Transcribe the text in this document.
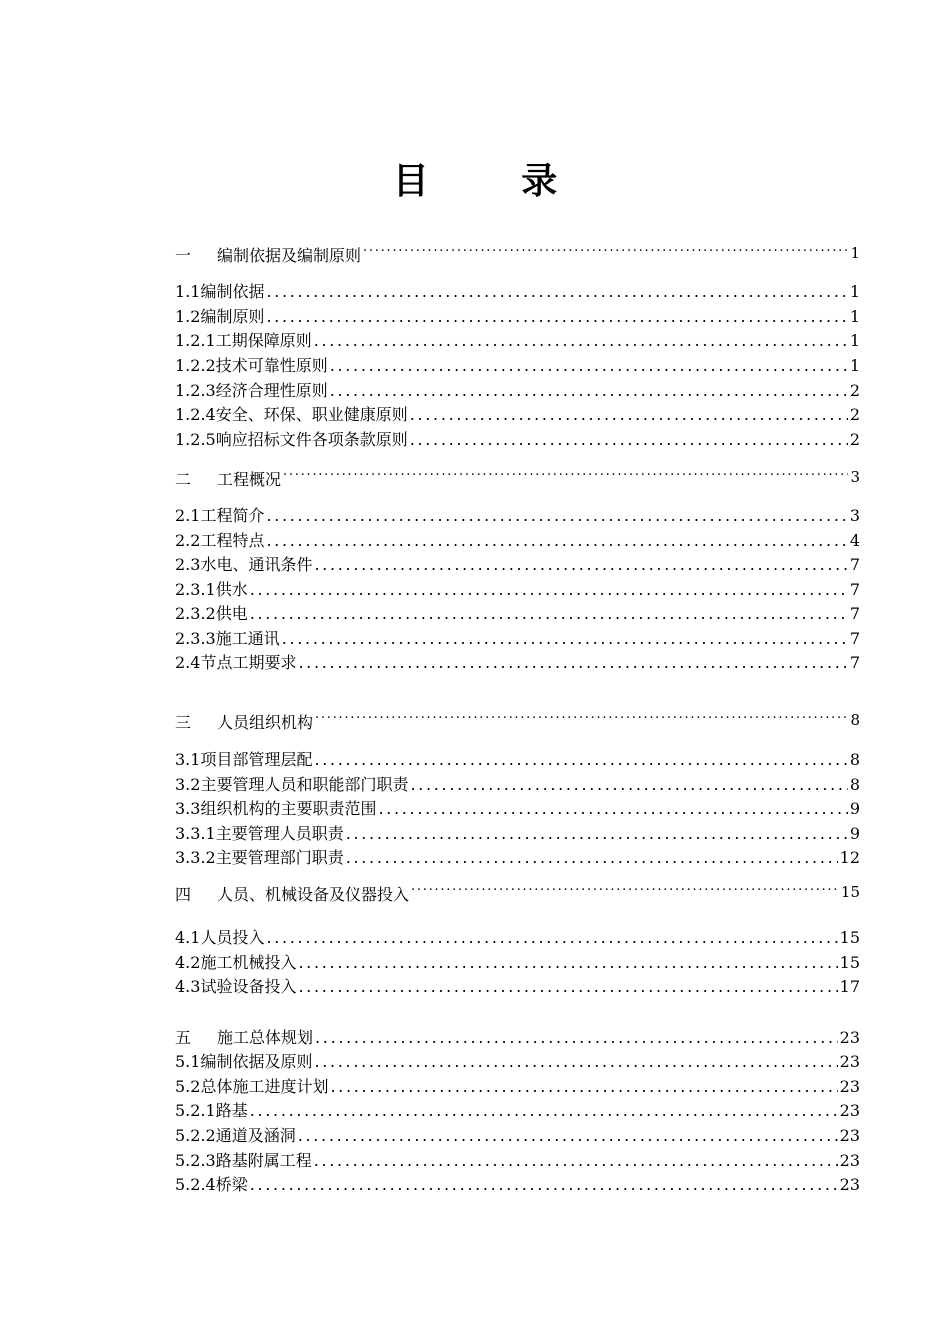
目 录
一 编制依据及编制原则 . . .	1
1.1编制依据 . . .	1
1.2编制原则 . . .	1
1.2.1工期保障原则 . . .	1
1.2.2技术可靠性原则 . . .	1
1.2.3经济合理性原则 . . .	2
1.2.4安全、环保、职业健康原则 . . .	2
1.2.5响应招标文件各项条款原则 . . .	2
二 工程概况 . . .	3
2.1工程简介 . . .	3
2.2工程特点 . . .	4
2.3水电、通讯条件 . . .	7
2.3.1供水 . . .	7
2.3.2供电 . . .	7
2.3.3施工通讯 . . .	7
2.4节点工期要求 . . .	7
三 人员组织机构 . . .	8
3.1项目部管理层配 . . .	8
3.2主要管理人员和职能部门职责 . . .	8
3.3组织机构的主要职责范围 . . .	9
3.3.1主要管理人员职责 . . .	9
3.3.2主要管理部门职责 . . .	12
四 人员、机械设备及仪器投入 . . .	15
4.1人员投入 . . .	15
4.2施工机械投入 . . .	15
4.3试验设备投入 . . .	17
五 施工总体规划 . . .	23
5.1编制依据及原则 . . .	23
5.2总体施工进度计划 . . .	23
5.2.1路基 . . .	23
5.2.2通道及涵洞 . . .	23
5.2.3路基附属工程 . . .	23
5.2.4桥梁 . . .	23
